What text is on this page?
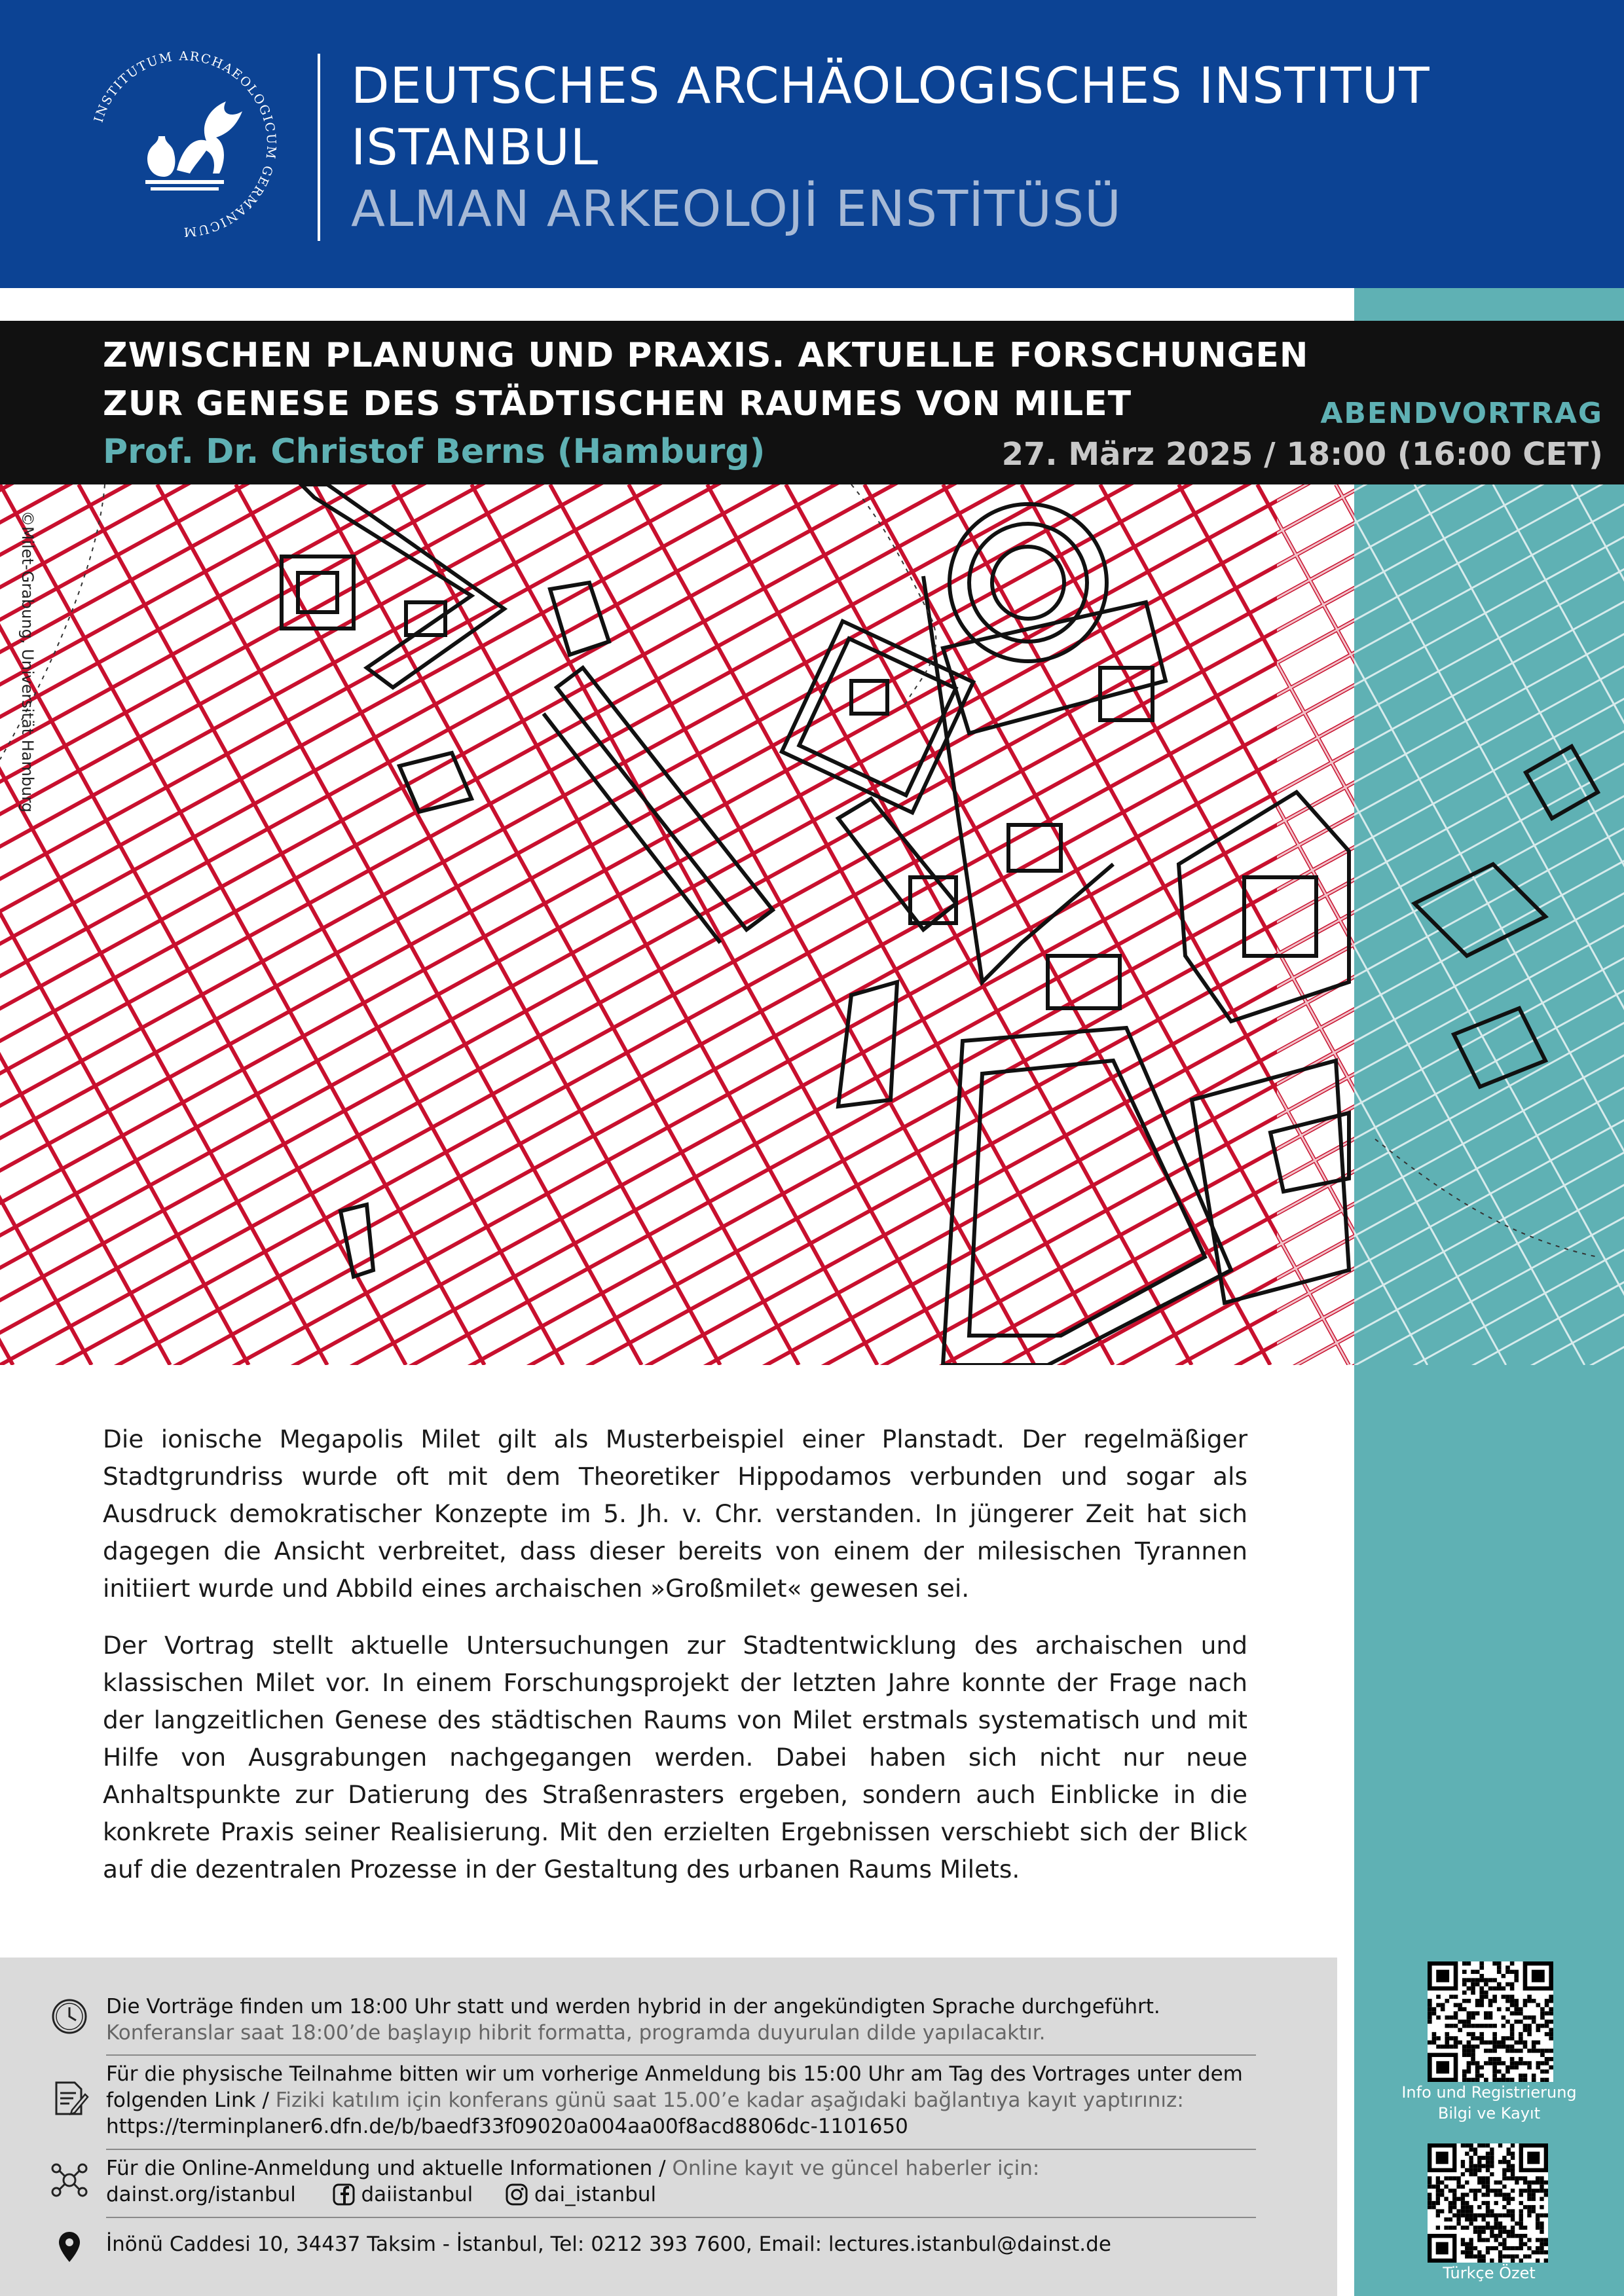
INSTITUTUM ARCHAEOLOGICUM GERMANICUM
DEUTSCHES ARCHÄOLOGISCHES INSTITUT
ISTANBUL
ALMAN ARKEOLOJİ ENSTİTÜSÜ
ZWISCHEN PLANUNG UND PRAXIS. AKTUELLE FORSCHUNGEN ZUR GENESE DES STÄDTISCHEN RAUMES VON MILET
Prof. Dr. Christof Berns (Hamburg)
ABENDVORTRAG
27. März 2025 / 18:00 (16:00 CET)
©Milet-Grabung, Universität Hamburg

Die ionische Megapolis Milet gilt als Musterbeispiel einer Planstadt. Der regelmäßiger Stadtgrundriss wurde oft mit dem Theoretiker Hippodamos verbunden und sogar als Ausdruck demokratischer Konzepte im 5. Jh. v. Chr. verstanden. In jüngerer Zeit hat sich dagegen die Ansicht verbreitet, dass dieser bereits von einem der milesischen Tyrannen initiiert wurde und Abbild eines archaischen »Großmilet« gewesen sei.

Der Vortrag stellt aktuelle Untersuchungen zur Stadtentwicklung des archaischen und klassischen Milet vor. In einem Forschungsprojekt der letzten Jahre konnte der Frage nach der langzeitlichen Genese des städtischen Raums von Milet erstmals systematisch und mit Hilfe von Ausgrabungen nachgegangen werden. Dabei haben sich nicht nur neue Anhaltspunkte zur Datierung des Straßenrasters ergeben, sondern auch Einblicke in die konkrete Praxis seiner Realisierung. Mit den erzielten Ergebnissen verschiebt sich der Blick auf die dezentralen Prozesse in der Gestaltung des urbanen Raums Milets.

Die Vorträge finden um 18:00 Uhr statt und werden hybrid in der angekündigten Sprache durchgeführt.
Konferanslar saat 18:00’de başlayıp hibrit formatta, programda duyurulan dilde yapılacaktır.
Für die physische Teilnahme bitten wir um vorherige Anmeldung bis 15:00 Uhr am Tag des Vortrages unter dem
folgenden Link / Fiziki katılım için konferans günü saat 15.00’e kadar aşağıdaki bağlantıya kayıt yaptırınız:
https://terminplaner6.dfn.de/b/baedf33f09020a004aa00f8acd8806dc-1101650
Für die Online-Anmeldung und aktuelle Informationen / Online kayıt ve güncel haberler için:
dainst.org/istanbul	daiistanbul	dai_istanbul
İnönü Caddesi 10, 34437 Taksim - İstanbul, Tel: 0212 393 7600, Email: lectures.istanbul@dainst.de
Info und Registrierung
Bilgi ve Kayıt
Türkçe Özet
